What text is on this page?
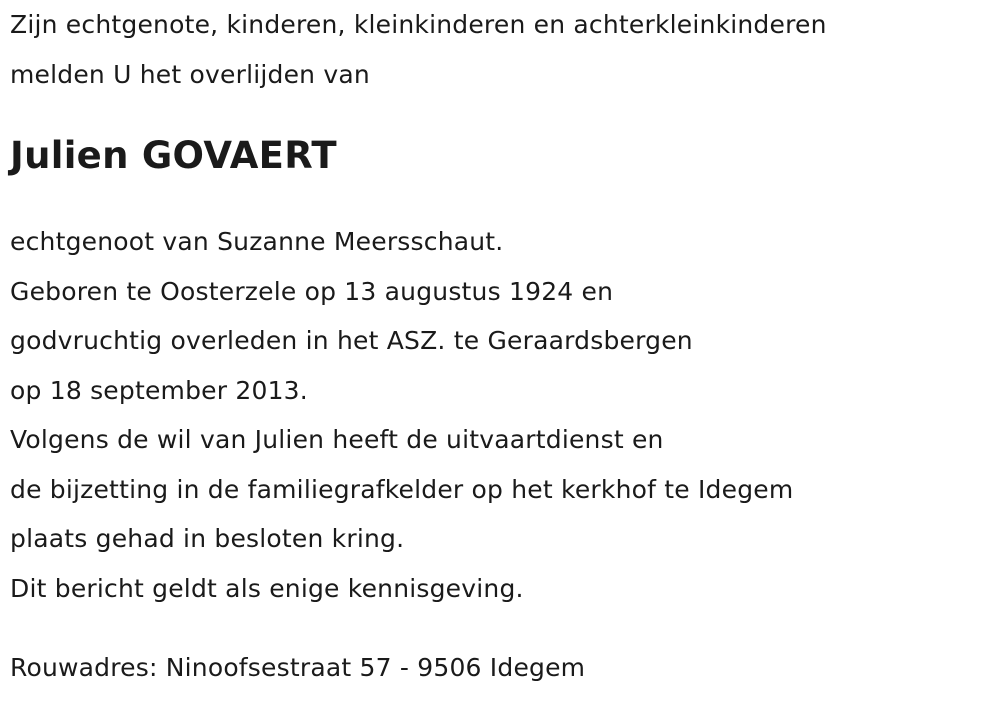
Zijn echtgenote, kinderen, kleinkinderen en achterkleinkinderen
melden U het overlijden van
Julien GOVAERT
echtgenoot van Suzanne Meersschaut.
Geboren te Oosterzele op 13 augustus 1924 en
godvruchtig overleden in het ASZ. te Geraardsbergen
op 18 september 2013.
Volgens de wil van Julien heeft de uitvaartdienst en
de bijzetting in de familiegrafkelder op het kerkhof te Idegem
plaats gehad in besloten kring.
Dit bericht geldt als enige kennisgeving.
Rouwadres: Ninoofsestraat 57 - 9506 Idegem
